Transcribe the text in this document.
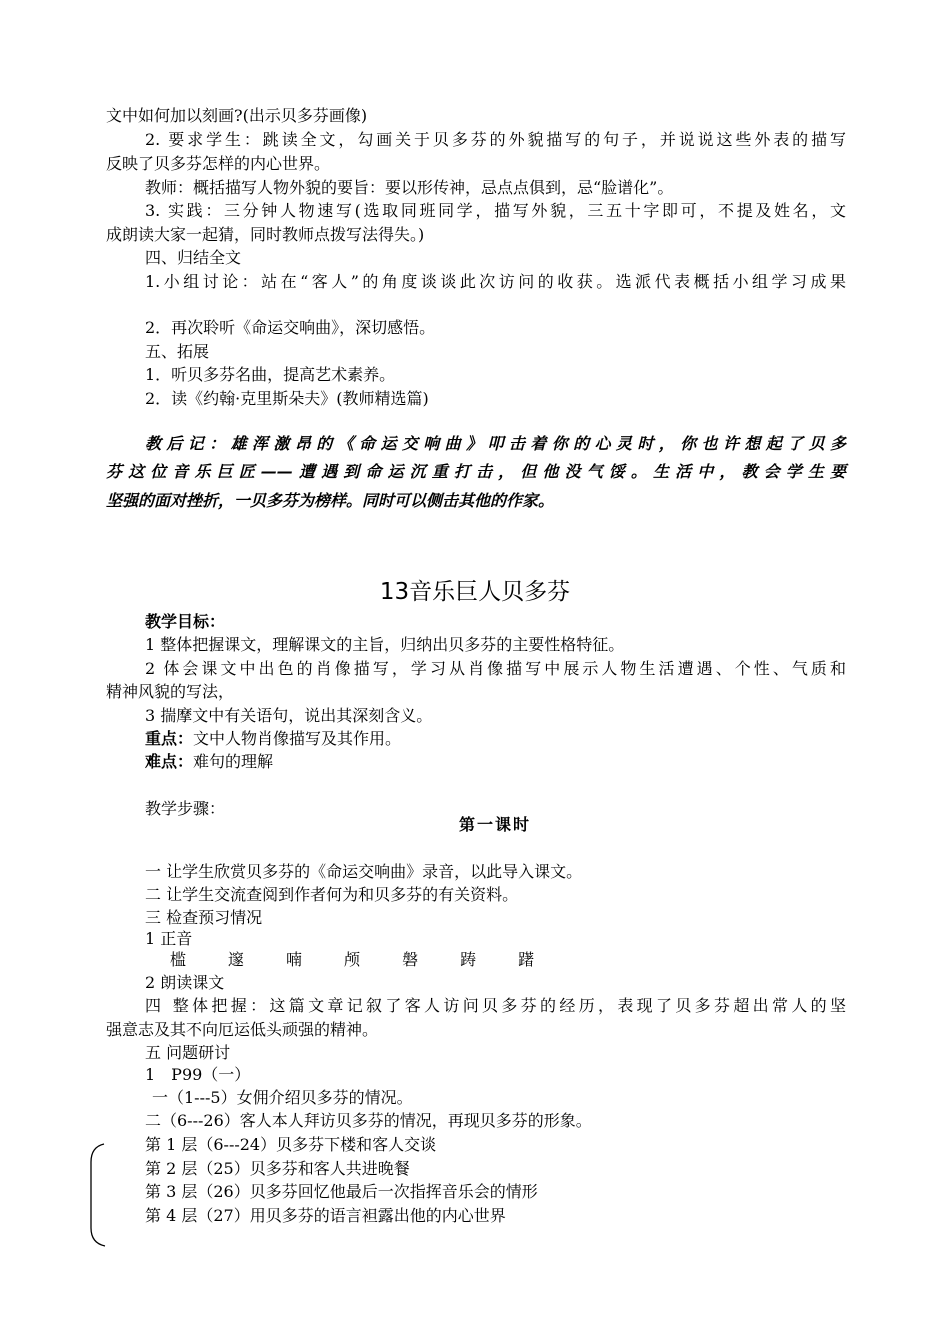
文中如何加以刻画?(出示贝多芬画像)
2. 要求学生：跳读全文，勾画关于贝多芬的外貌描写的句子，并说说这些外表的描写
反映了贝多芬怎样的内心世界。
教师：概括描写人物外貌的要旨：要以形传神，忌点点俱到，忌“脸谱化”。
3. 实践：三分钟人物速写(选取同班同学，描写外貌，三五十字即可，不提及姓名，文
成朗读大家一起猜，同时教师点拨写法得失。)
四、归结全文
1.小组讨论：站在“客人”的角度谈谈此次访问的收获。选派代表概括小组学习成果
2．再次聆听《命运交响曲》，深切感悟。
五、拓展
1．听贝多芬名曲，提高艺术素养。
2．读《约翰·克里斯朵夫》(教师精选篇)
教后记：雄浑激昂的《命运交响曲》叩击着你的心灵时，你也许想起了贝多
芬这位音乐巨匠——遭遇到命运沉重打击，但他没气馁。生活中，教会学生要
坚强的面对挫折，一贝多芬为榜样。同时可以侧击其他的作家。
13音乐巨人贝多芬
教学目标：
1 整体把握课文，理解课文的主旨，归纳出贝多芬的主要性格特征。
2 体会课文中出色的肖像描写，学习从肖像描写中展示人物生活遭遇、个性、气质和
精神风貌的写法，
3 揣摩文中有关语句，说出其深刻含义。
重点：文中人物肖像描写及其作用。
难点：难句的理解
教学步骤：
第一课时
一 让学生欣赏贝多芬的《命运交响曲》录音，以此导入课文。
二 让学生交流查阅到作者何为和贝多芬的有关资料。
三 检查预习情况
1 正音
槛	邃	喃	颅	磐	踌	躇
2 朗读课文
四 整体把握：这篇文章记叙了客人访问贝多芬的经历，表现了贝多芬超出常人的坚
强意志及其不向厄运低头顽强的精神。
五 问题研讨
1　P99（一）
一（1---5）女佣介绍贝多芬的情况。
二（6---26）客人本人拜访贝多芬的情况，再现贝多芬的形象。
第 1 层（6---24）贝多芬下楼和客人交谈
第 2 层（25）贝多芬和客人共进晚餐
第 3 层（26）贝多芬回忆他最后一次指挥音乐会的情形
第 4 层（27）用贝多芬的语言袒露出他的内心世界
